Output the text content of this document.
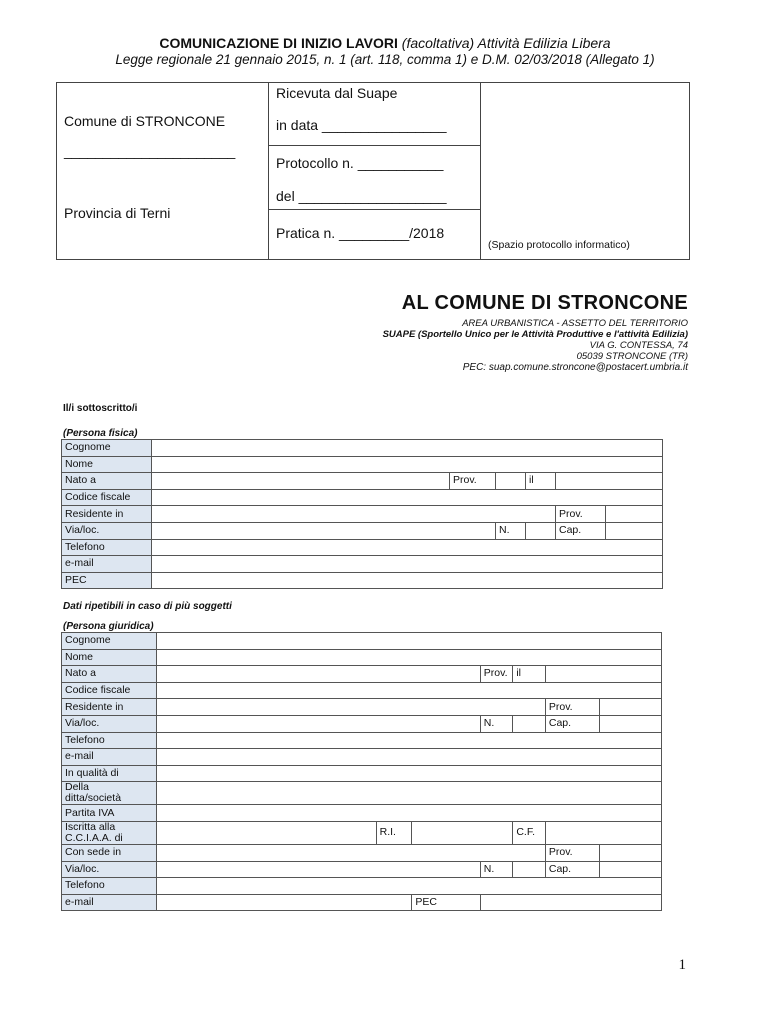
COMUNICAZIONE DI INIZIO LAVORI (facoltativa) Attività Edilizia Libera
Legge regionale 21 gennaio 2015, n. 1 (art. 118, comma 1) e D.M. 02/03/2018 (Allegato 1)
Comune di STRONCONE
______________________
Provincia di Terni
Ricevuta dal Suape
in data ________________
Protocollo n. ___________
del ___________________
Pratica n. _________/2018
(Spazio protocollo informatico)
AL COMUNE DI STRONCONE
AREA URBANISTICA - ASSETTO DEL TERRITORIO
SUAPE (Sportello Unico per le Attività Produttive e l'attività Edilizia)
VIA G. CONTESSA, 74
05039 STRONCONE (TR)
PEC: suap.comune.stroncone@postacert.umbria.it
Il/i sottoscritto/i
(Persona fisica)
Cognome						
Nome						
Nato a		Prov.		il		
Codice fiscale						
Residente in					Prov.	
Via/loc.			N.		Cap.	
Telefono						
e-mail						
PEC						
Dati ripetibili in caso di più soggetti
(Persona giuridica)
Cognome							
Nome							
Nato a				Prov.	il		
Codice fiscale							
Residente in						Prov.	
Via/loc.				N.		Cap.	
Telefono							
e-mail							
In qualità di							
Della
ditta/società							
Partita IVA							
Iscritta alla
C.C.I.A.A. di		R.I.			C.F.		
Con sede in						Prov.	
Via/loc.				N.		Cap.	
Telefono							
e-mail			PEC				
1
